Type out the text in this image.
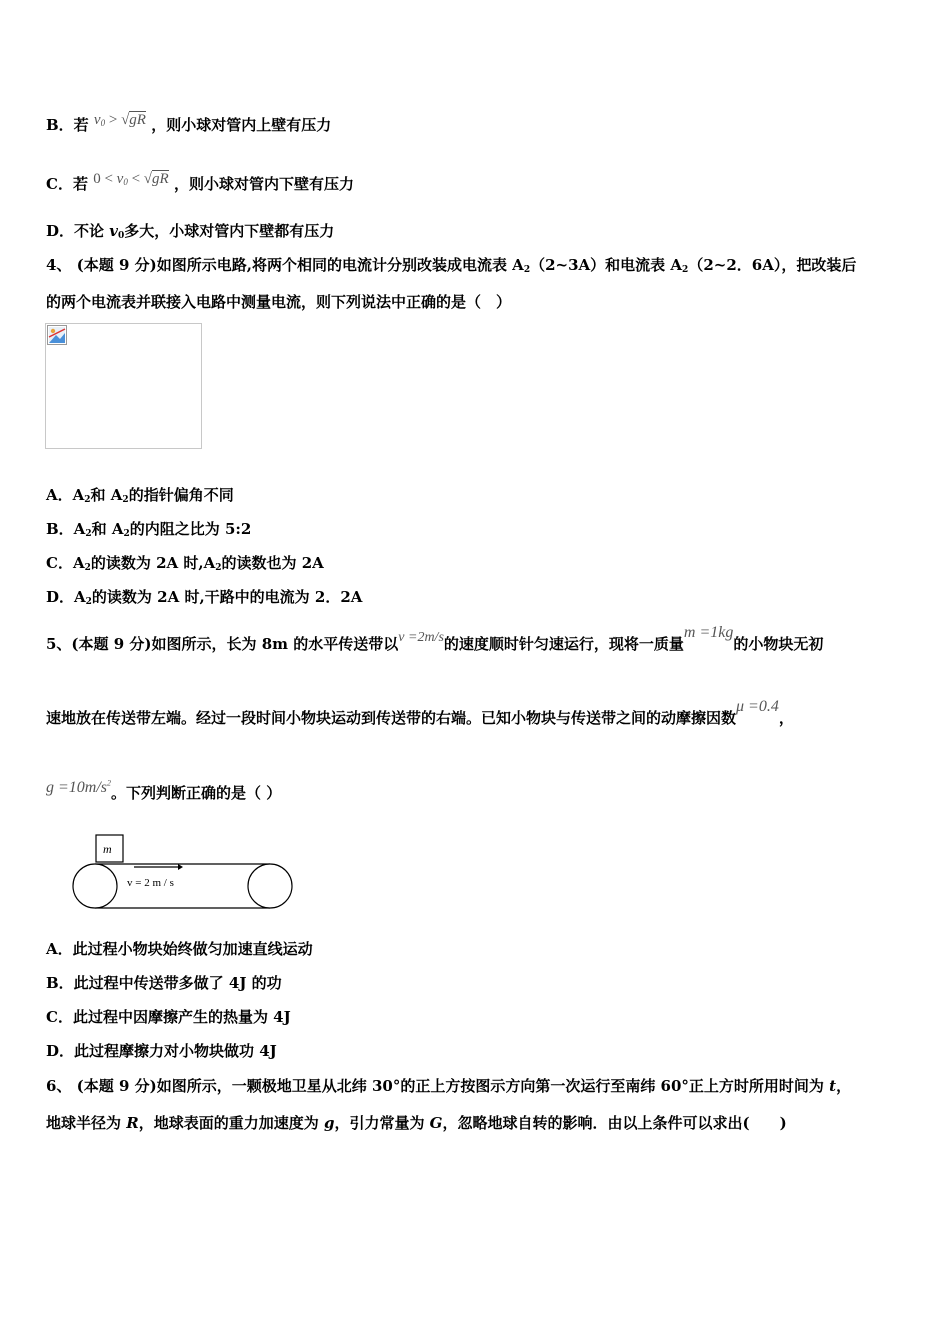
B．若 $v_0 > √gR$ ，则小球对管内上壁有压力
C．若 $0 < v_0 < √gR$ ，则小球对管内下壁有压力
D．不论 $v_0$多大，小球对管内下壁都有压力
4、 (本题 9 分)如图所示电路,将两个相同的电流计分别改装成电流表 $A_2(2\sim 3A)$和电流表 $A_2(2\sim 2$．6A），把改装后
的两个电流表并联接入电路中测量电流，则下列说法中正确的是（　）
A．$A_2$和 $A_2$的指针偏角不同
B．$A_2$和 $A_2$的内阻之比为 5:2
C．$A_2$的读数为 2A 时$,A_2$的读数也为 2A
D．$A_2$的读数为 2A 时,干路中的电流为 2．2A
5、(本题 9 分)如图所示，长为 8m 的水平传送带以v =2m/s的速度顺时针匀速运行，现将一质量m =1kg的小物块无初
速地放在传送带左端。经过一段时间小物块运动到传送带的右端。已知小物块与传送带之间的动摩擦因数μ =0.4，
$g =10m/s^2$。下列判断正确的是（ ）
m
v = 2 m / s
A．此过程小物块始终做匀加速直线运动
B．此过程中传送带多做了 4J 的功
C．此过程中因摩擦产生的热量为 4J
D．此过程摩擦力对小物块做功 4J
6、 (本题 9 分)如图所示，一颗极地卫星从北纬 30°的正上方按图示方向第一次运行至南纬 60°正上方时所用时间为 t，
地球半径为 R，地球表面的重力加速度为 g，引力常量为 G，忽略地球自转的影响．由以上条件可以求出(　　)
